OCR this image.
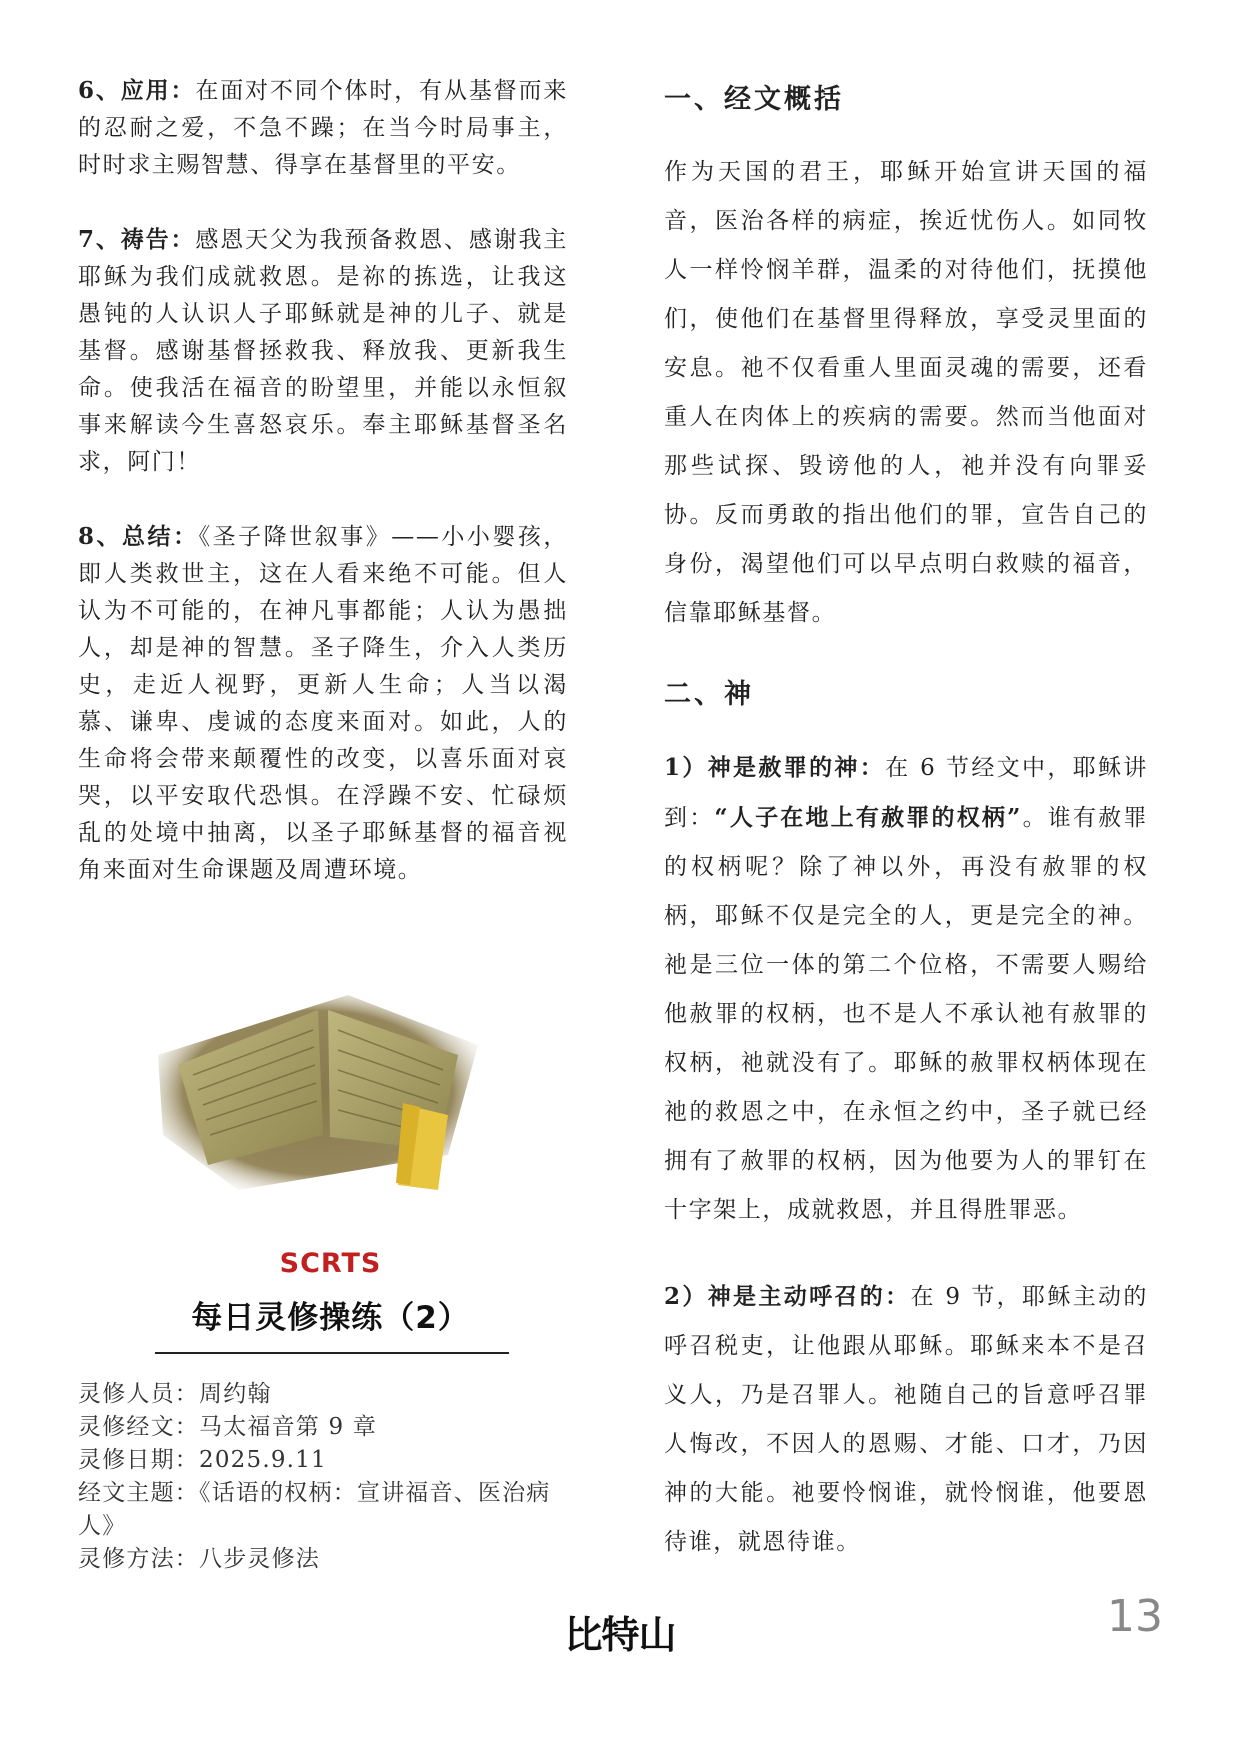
6、应用：在面对不同个体时，有从基督而来的忍耐之爱，不急不躁；在当今时局事主，时时求主赐智慧、得享在基督里的平安。

7、祷告：感恩天父为我预备救恩、感谢我主耶稣为我们成就救恩。是祢的拣选，让我这愚钝的人认识人子耶稣就是神的儿子、就是基督。感谢基督拯救我、释放我、更新我生命。使我活在福音的盼望里，并能以永恒叙事来解读今生喜怒哀乐。奉主耶稣基督圣名求，阿门！

8、总结：《圣子降世叙事》——小小婴孩，即人类救世主，这在人看来绝不可能。但人认为不可能的，在神凡事都能；人认为愚拙人，却是神的智慧。圣子降生，介入人类历史，走近人视野，更新人生命；人当以渴慕、谦卑、虔诚的态度来面对。如此，人的生命将会带来颠覆性的改变，以喜乐面对哀哭，以平安取代恐惧。在浮躁不安、忙碌烦乱的处境中抽离，以圣子耶稣基督的福音视角来面对生命课题及周遭环境。

SCRTS
每日灵修操练（2）
灵修人员：周约翰
灵修经文：马太福音第 9 章
灵修日期：2025.9.11
经文主题：《话语的权柄：宣讲福音、医治病人》
灵修方法：八步灵修法
一、经文概括

作为天国的君王，耶稣开始宣讲天国的福音，医治各样的病症，挨近忧伤人。如同牧人一样怜悯羊群，温柔的对待他们，抚摸他们，使他们在基督里得释放，享受灵里面的安息。祂不仅看重人里面灵魂的需要，还看重人在肉体上的疾病的需要。然而当他面对那些试探、毁谤他的人，祂并没有向罪妥协。反而勇敢的指出他们的罪，宣告自己的身份，渴望他们可以早点明白救赎的福音，信靠耶稣基督。

二、神

1）神是赦罪的神：在 6 节经文中，耶稣讲到：“人子在地上有赦罪的权柄”。谁有赦罪的权柄呢？除了神以外，再没有赦罪的权柄，耶稣不仅是完全的人，更是完全的神。祂是三位一体的第二个位格，不需要人赐给他赦罪的权柄，也不是人不承认祂有赦罪的权柄，祂就没有了。耶稣的赦罪权柄体现在祂的救恩之中，在永恒之约中，圣子就已经拥有了赦罪的权柄，因为他要为人的罪钉在十字架上，成就救恩，并且得胜罪恶。

2）神是主动呼召的：在 9 节，耶稣主动的呼召税吏，让他跟从耶稣。耶稣来本不是召义人，乃是召罪人。祂随自己的旨意呼召罪人悔改，不因人的恩赐、才能、口才，乃因神的大能。祂要怜悯谁，就怜悯谁，他要恩待谁，就恩待谁。

比特山	13
